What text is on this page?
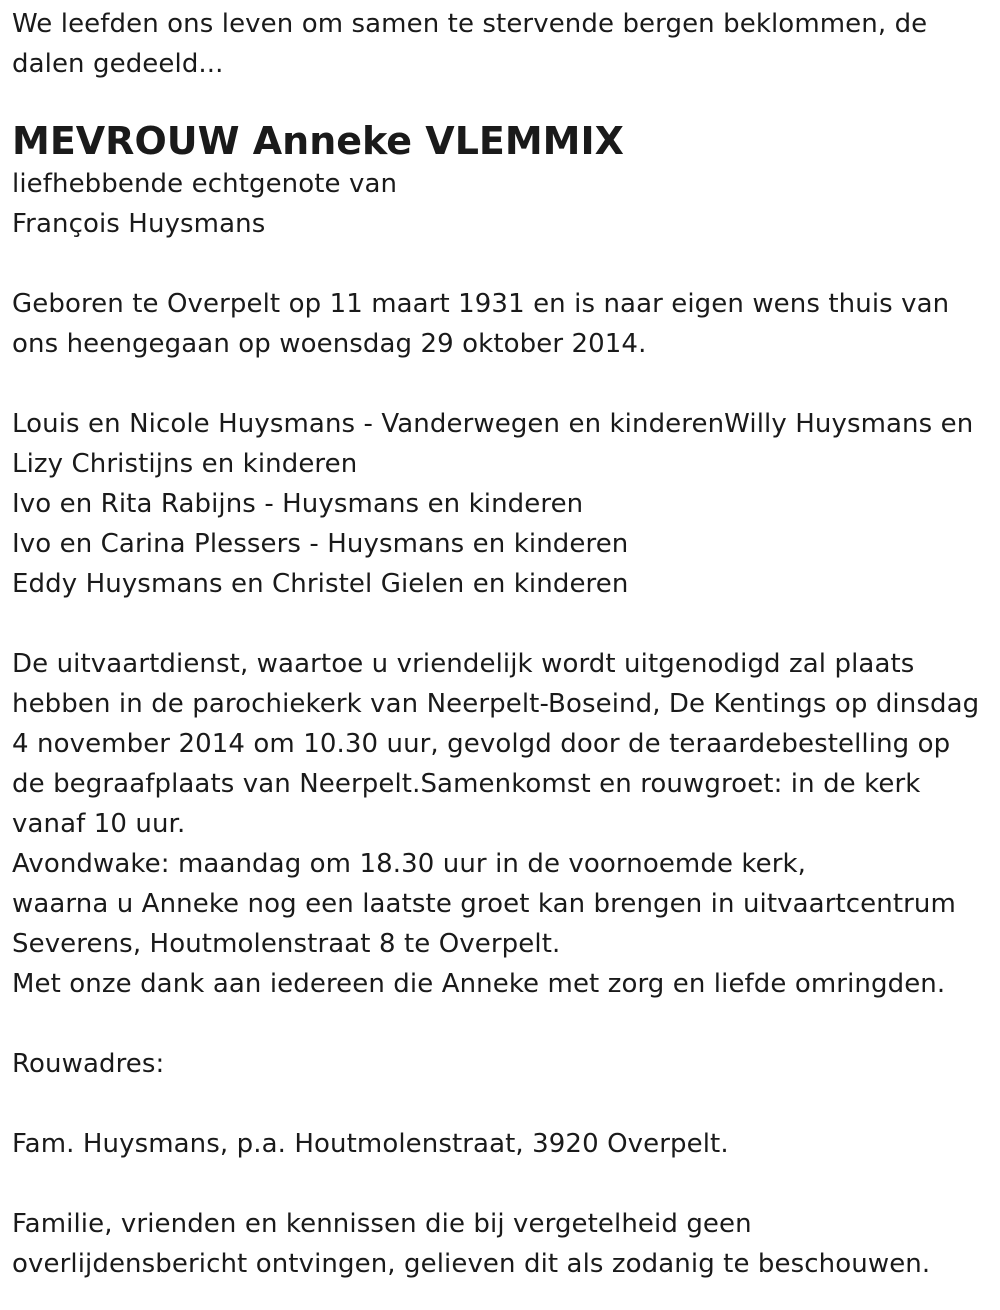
We leefden ons leven om samen te stervende bergen beklommen, de
dalen gedeeld...
MEVROUW Anneke VLEMMIX
liefhebbende echtgenote van
François Huysmans
Geboren te Overpelt op 11 maart 1931 en is naar eigen wens thuis van
ons heengegaan op woensdag 29 oktober 2014.
Louis en Nicole Huysmans - Vanderwegen en kinderenWilly Huysmans en
Lizy Christijns en kinderen
Ivo en Rita Rabijns - Huysmans en kinderen
Ivo en Carina Plessers - Huysmans en kinderen
Eddy Huysmans en Christel Gielen en kinderen
De uitvaartdienst, waartoe u vriendelijk wordt uitgenodigd zal plaats
hebben in de parochiekerk van Neerpelt-Boseind, De Kentings op dinsdag
4 november 2014 om 10.30 uur, gevolgd door de teraardebestelling op
de begraafplaats van Neerpelt.Samenkomst en rouwgroet: in de kerk
vanaf 10 uur.
Avondwake: maandag om 18.30 uur in de voornoemde kerk,
waarna u Anneke nog een laatste groet kan brengen in uitvaartcentrum
Severens, Houtmolenstraat 8 te Overpelt.
Met onze dank aan iedereen die Anneke met zorg en liefde omringden.
Rouwadres:
Fam. Huysmans, p.a. Houtmolenstraat, 3920 Overpelt.
Familie, vrienden en kennissen die bij vergetelheid geen
overlijdensbericht ontvingen, gelieven dit als zodanig te beschouwen.
